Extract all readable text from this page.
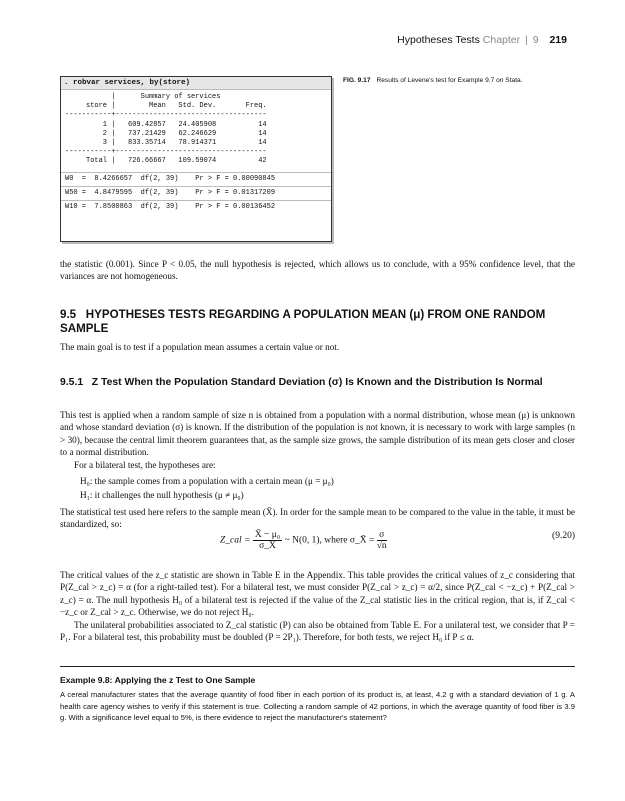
Hypotheses Tests Chapter | 9 219
. robvar services, by(store)
|      Summary of services
store |        Mean   Std. Dev.       Freq.
-----------+------------------------------------
1 |   609.42857   24.405908          14
2 |   737.21429   62.246629          14
3 |   833.35714   78.914371          14
-----------+------------------------------------
Total |   726.66667   109.59074          42
W0  =  8.4266657  df(2, 39)    Pr > F = 0.00090845
W50 =  4.8479595  df(2, 39)    Pr > F = 0.01317209
W10 =  7.8500863  df(2, 39)    Pr > F = 0.00136452
FIG. 9.17 Results of Levene's test for Example 9.7 on Stata.

the statistic (0.001). Since P < 0.05, the null hypothesis is rejected, which allows us to conclude, with a 95% confidence level, that the variances are not homogeneous.

9.5 HYPOTHESES TESTS REGARDING A POPULATION MEAN (μ) FROM ONE RANDOM SAMPLE

The main goal is to test if a population mean assumes a certain value or not.

9.5.1 Z Test When the Population Standard Deviation (σ) Is Known and the Distribution Is Normal

This test is applied when a random sample of size n is obtained from a population with a normal distribution, whose mean (μ) is unknown and whose standard deviation (σ) is known. If the distribution of the population is not known, it is necessary to work with large samples (n > 30), because the central limit theorem guarantees that, as the sample size grows, the sample distribution of its mean gets closer and closer to a normal distribution.

For a bilateral test, the hypotheses are:

H₀: the sample comes from a population with a certain mean (μ = μ₀)
H₁: it challenges the null hypothesis (μ ≠ μ₀)

The statistical test used here refers to the sample mean (X̄). In order for the sample mean to be compared to the value in the table, it must be standardized, so:

Z_cal = $\frac{\text{X̄ − μ₀}}{\sigma\_X̄}$ ~ N(0, 1), where σ_X̄ = $\frac{\sigma}{√n}$	(9.20)

The critical values of the z_c statistic are shown in Table E in the Appendix. This table provides the critical values of z_c considering that P(Z_cal > z_c) = α (for a right-tailed test). For a bilateral test, we must consider P(Z_cal > z_c) = α/2, since P(Z_cal < −z_c) + P(Z_cal > z_c) = α. The null hypothesis H₀ of a bilateral test is rejected if the value of the Z_cal statistic lies in the critical region, that is, if Z_cal < −z_c or Z_cal > z_c. Otherwise, we do not reject H₀.

The unilateral probabilities associated to Z_cal statistic (P) can also be obtained from Table E. For a unilateral test, we consider that P = P₁. For a bilateral test, this probability must be doubled (P = 2P₁). Therefore, for both tests, we reject H₀ if P ≤ α.

Example 9.8: Applying the z Test to One Sample
A cereal manufacturer states that the average quantity of food fiber in each portion of its product is, at least, 4.2 g with a standard deviation of 1 g. A health care agency wishes to verify if this statement is true. Collecting a random sample of 42 portions, in which the average quantity of food fiber is 3.9 g. With a significance level equal to 5%, is there evidence to reject the manufacturer's statement?
